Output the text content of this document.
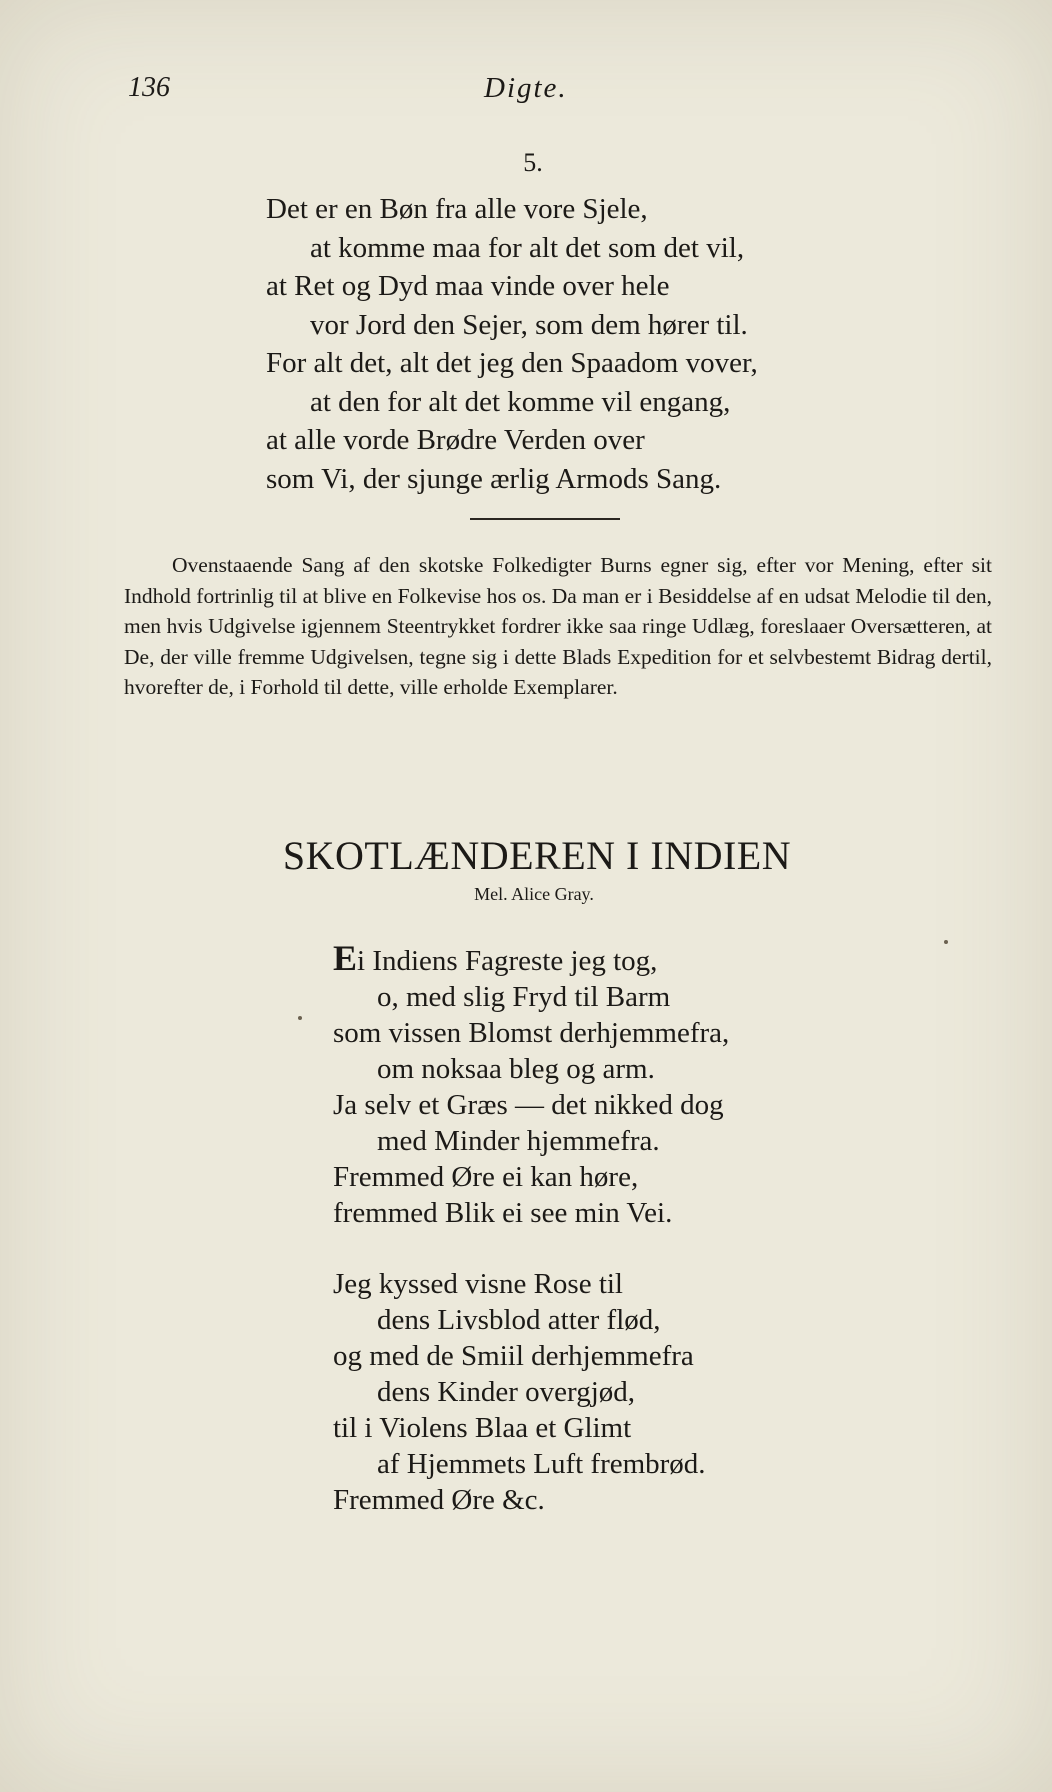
136	Digte.
5.
Det er en Bøn fra alle vore Sjele,
at komme maa for alt det som det vil,
at Ret og Dyd maa vinde over hele
vor Jord den Sejer, som dem hører til.
For alt det, alt det jeg den Spaadom vover,
at den for alt det komme vil engang,
at alle vorde Brødre Verden over
som Vi, der sjunge ærlig Armods Sang.
Ovenstaaende Sang af den skotske Folkedigter Burns egner sig, efter vor Mening, efter sit Indhold fortrinlig til at blive en Folkevise hos os. Da man er i Besiddelse af en udsat Melodie til den, men hvis Udgivelse igjennem Steentrykket fordrer ikke saa ringe Udlæg, foreslaaer Oversætteren, at De, der ville fremme Udgivelsen, tegne sig i dette Blads Expedition for et selvbestemt Bidrag dertil, hvorefter de, i Forhold til dette, ville erholde Exemplarer.
SKOTLÆNDEREN I INDIEN
Mel. Alice Gray.
Ei Indiens Fagreste jeg tog,
o, med slig Fryd til Barm
som vissen Blomst derhjemmefra,
om noksaa bleg og arm.
Ja selv et Græs — det nikked dog
med Minder hjemmefra.
Fremmed Øre ei kan høre,
fremmed Blik ei see min Vei.
Jeg kyssed visne Rose til
dens Livsblod atter flød,
og med de Smiil derhjemmefra
dens Kinder overgjød,
til i Violens Blaa et Glimt
af Hjemmets Luft frembrød.
Fremmed Øre &c.
